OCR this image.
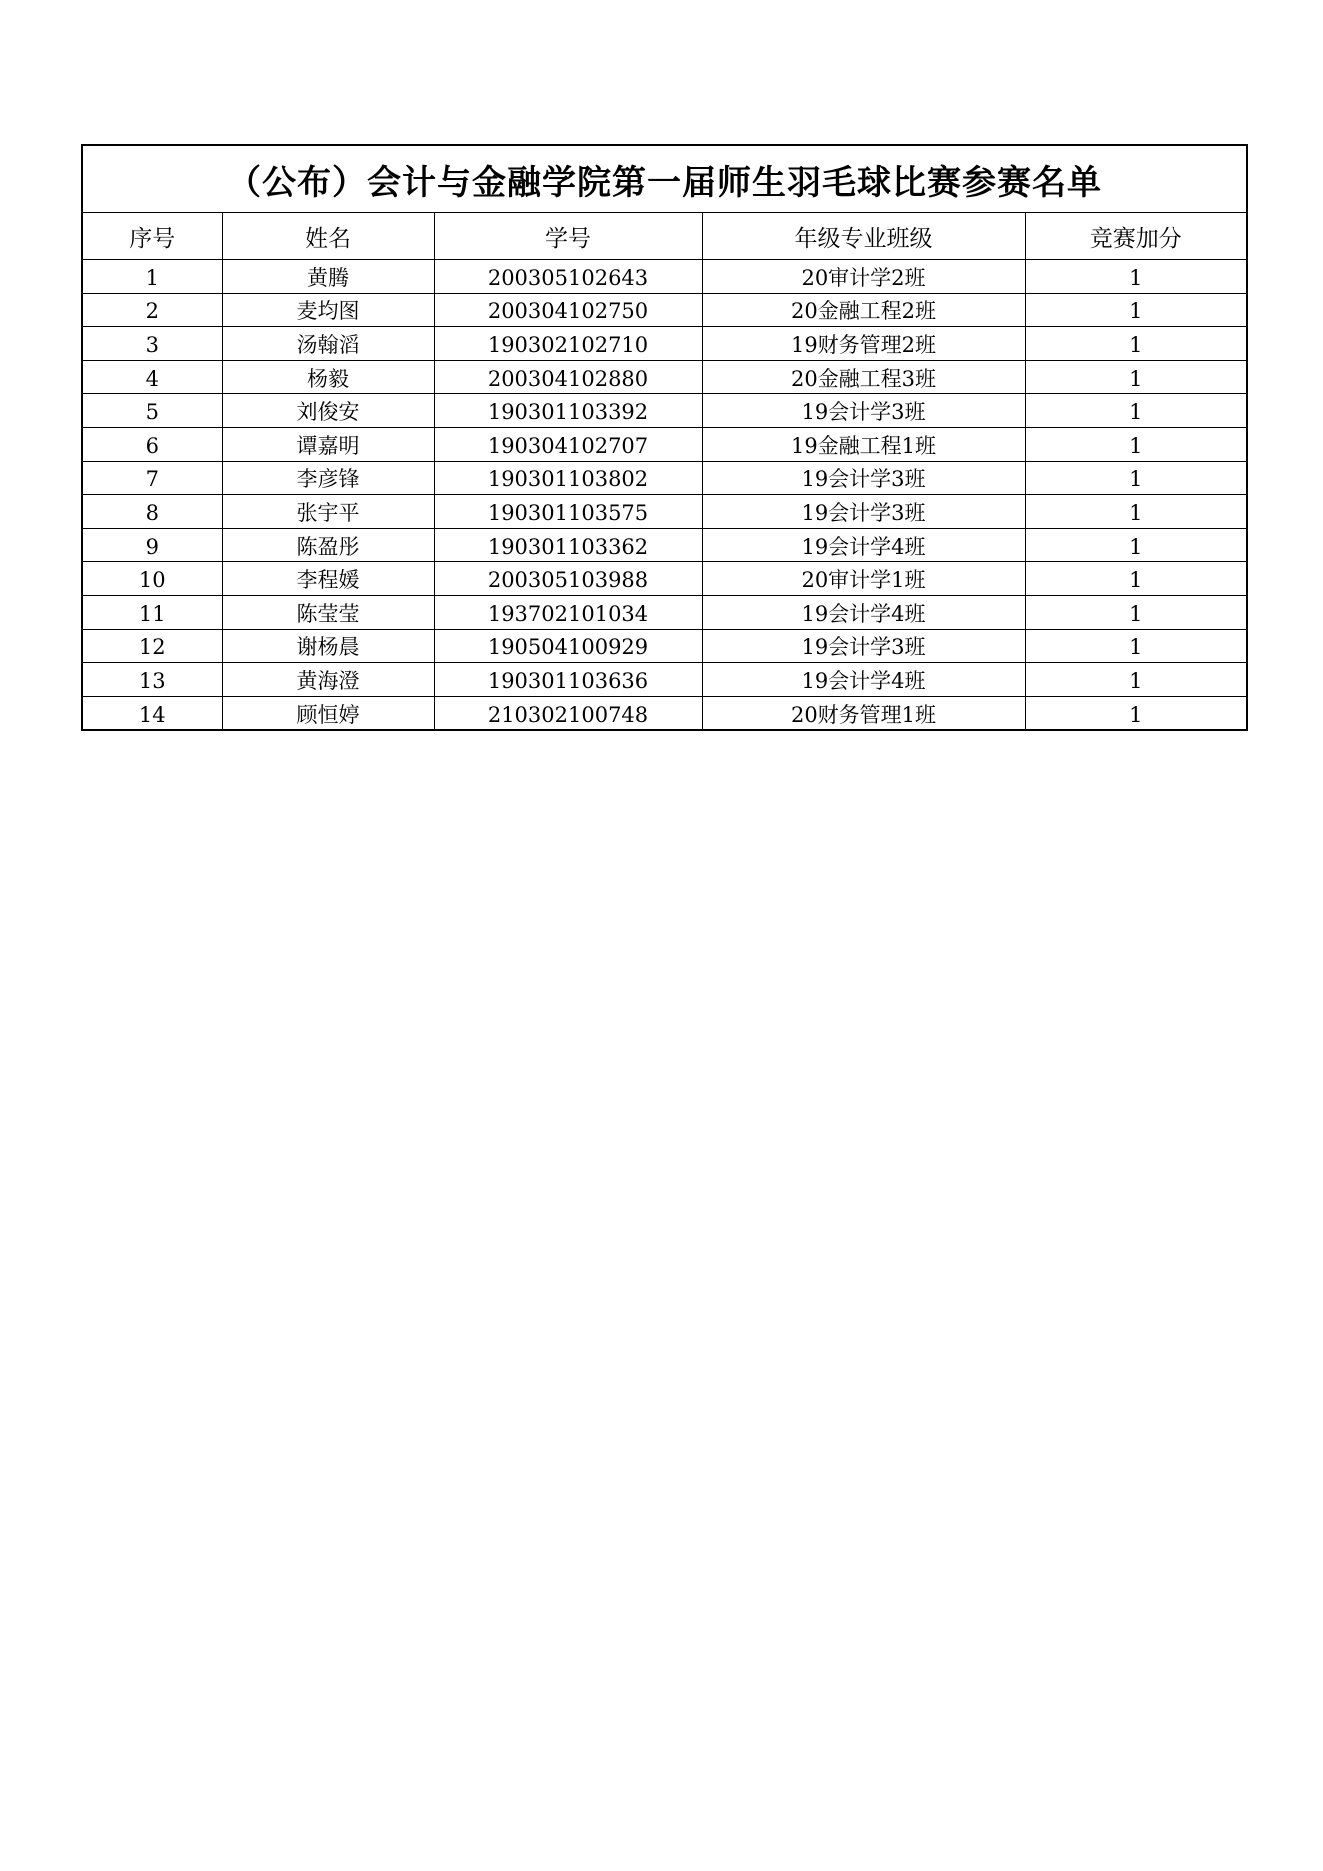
（公布）会计与金融学院第一届师生羽毛球比赛参赛名单				
序号	姓名	学号	年级专业班级	竞赛加分
1	黄腾	200305102643	20审计学2班	1
2	麦均图	200304102750	20金融工程2班	1
3	汤翰滔	190302102710	19财务管理2班	1
4	杨毅	200304102880	20金融工程3班	1
5	刘俊安	190301103392	19会计学3班	1
6	谭嘉明	190304102707	19金融工程1班	1
7	李彦锋	190301103802	19会计学3班	1
8	张宇平	190301103575	19会计学3班	1
9	陈盈彤	190301103362	19会计学4班	1
10	李程媛	200305103988	20审计学1班	1
11	陈莹莹	193702101034	19会计学4班	1
12	谢杨晨	190504100929	19会计学3班	1
13	黄海澄	190301103636	19会计学4班	1
14	顾恒婷	210302100748	20财务管理1班	1
